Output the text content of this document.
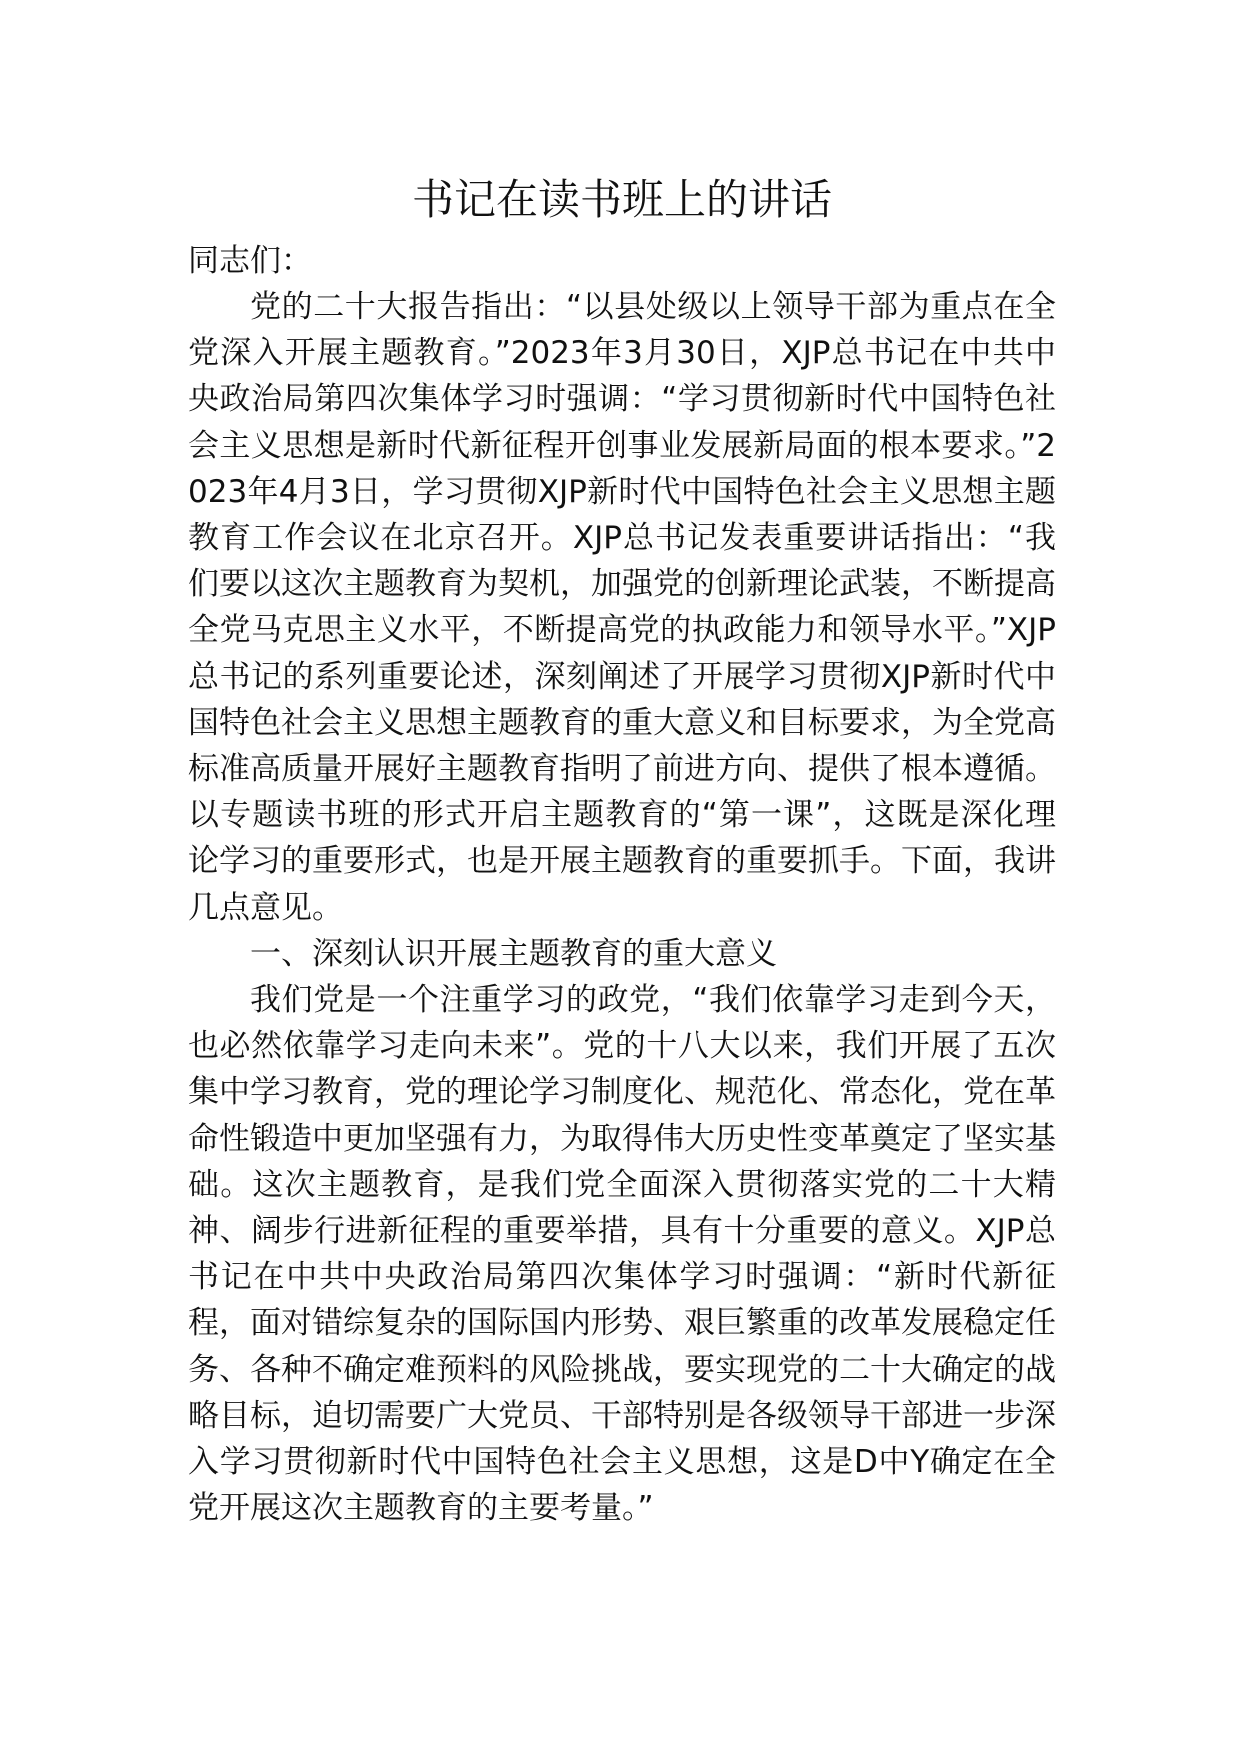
书记在读书班上的讲话

同志们：

党的二十大报告指出：“以县处级以上领导干部为重点在全党深入开展主题教育。”2023年3月30日，XJP总书记在中共中央政治局第四次集体学习时强调：“学习贯彻新时代中国特色社会主义思想是新时代新征程开创事业发展新局面的根本要求。”2023年4月3日，学习贯彻XJP新时代中国特色社会主义思想主题教育工作会议在北京召开。XJP总书记发表重要讲话指出：“我们要以这次主题教育为契机，加强党的创新理论武装，不断提高全党马克思主义水平，不断提高党的执政能力和领导水平。”XJP总书记的系列重要论述，深刻阐述了开展学习贯彻XJP新时代中国特色社会主义思想主题教育的重大意义和目标要求，为全党高标准高质量开展好主题教育指明了前进方向、提供了根本遵循。以专题读书班的形式开启主题教育的“第一课”，这既是深化理论学习的重要形式，也是开展主题教育的重要抓手。下面，我讲几点意见。

一、深刻认识开展主题教育的重大意义

我们党是一个注重学习的政党，“我们依靠学习走到今天，也必然依靠学习走向未来”。党的十八大以来，我们开展了五次集中学习教育，党的理论学习制度化、规范化、常态化，党在革命性锻造中更加坚强有力，为取得伟大历史性变革奠定了坚实基础。这次主题教育，是我们党全面深入贯彻落实党的二十大精神、阔步行进新征程的重要举措，具有十分重要的意义。XJP总书记在中共中央政治局第四次集体学习时强调：“新时代新征程，面对错综复杂的国际国内形势、艰巨繁重的改革发展稳定任务、各种不确定难预料的风险挑战，要实现党的二十大确定的战略目标，迫切需要广大党员、干部特别是各级领导干部进一步深入学习贯彻新时代中国特色社会主义思想，这是D中Y确定在全党开展这次主题教育的主要考量。”
